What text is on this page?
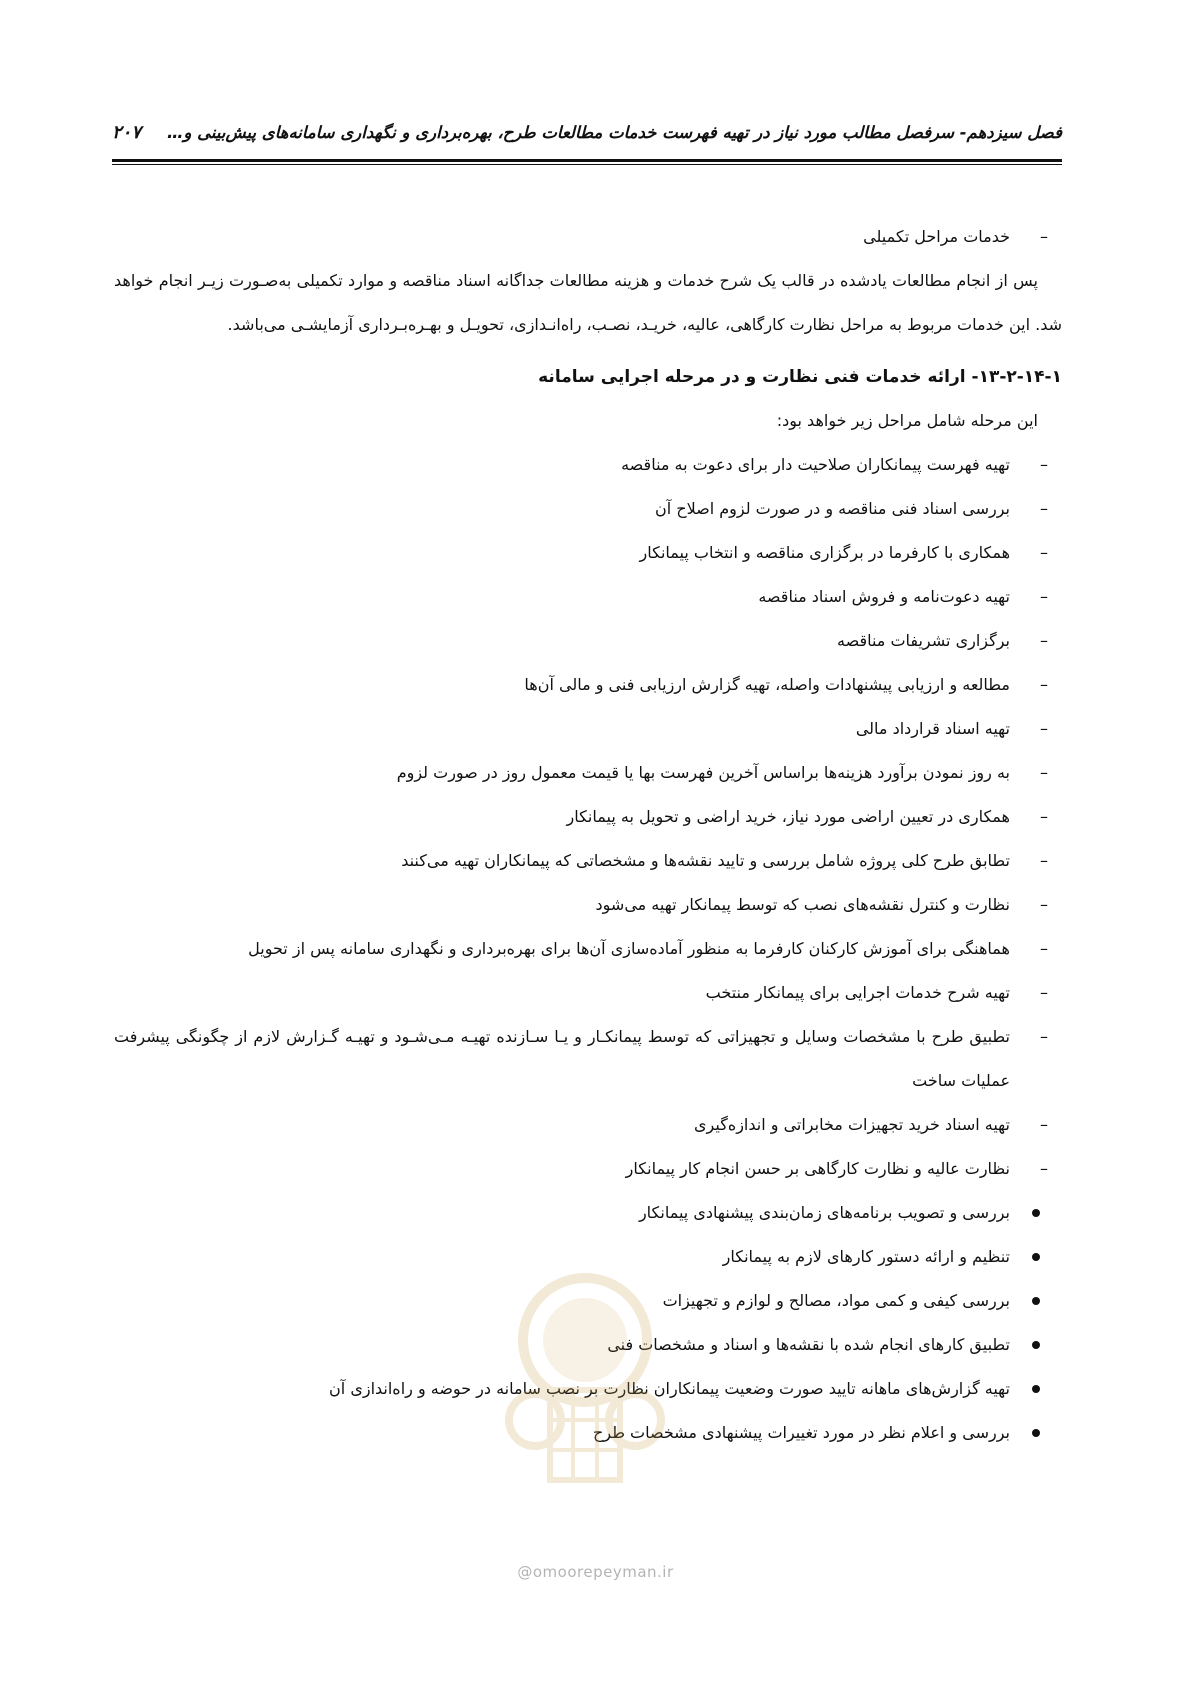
فصل سیزدهم- سرفصل مطالب مورد نیاز در تهیه فهرست خدمات مطالعات طرح، بهره‌برداری و نگهداری سامانه‌های پیش‌بینی و…
۲۰۷
–
خدمات مراحل تکمیلی

پس از انجام مطالعات یادشده در قالب یک شرح خدمات و هزینه مطالعات جداگانه اسناد مناقصه و موارد تکمیلی به‌صـورت زیـر انجام خواهد شد. این خدمات مربوط به مراحل نظارت کارگاهی، عالیه، خریـد، نصـب، راه‌انـدازی، تحویـل و بهـره‌بـرداری آزمایشـی می‌باشد.

۱۳-۲-۱۴-۱- ارائه خدمات فنی نظارت و در مرحله اجرایی سامانه
این مرحله شامل مراحل زیر خواهد بود:
–
تهیه فهرست پیمانکاران صلاحیت دار برای دعوت به مناقصه
–
بررسی اسناد فنی مناقصه و در صورت لزوم اصلاح آن
–
همکاری با کارفرما در برگزاری مناقصه و انتخاب پیمانکار
–
تهیه دعوت‌نامه و فروش اسناد مناقصه
–
برگزاری تشریفات مناقصه
–
مطالعه و ارزیابی پیشنهادات واصله، تهیه گزارش ارزیابی فنی و مالی آن‌ها
–
تهیه اسناد قرارداد مالی
–
به روز نمودن برآورد هزینه‌ها براساس آخرین فهرست بها یا قیمت معمول روز در صورت لزوم
–
همکاری در تعیین اراضی مورد نیاز، خرید اراضی و تحویل به پیمانکار
–
تطابق طرح کلی پروژه شامل بررسی و تایید نقشه‌ها و مشخصاتی که پیمانکاران تهیه می‌کنند
–
نظارت و کنترل نقشه‌های نصب که توسط پیمانکار تهیه می‌شود
–
هماهنگی برای آموزش کارکنان کارفرما به منظور آماده‌سازی آن‌ها برای بهره‌برداری و نگهداری سامانه پس از تحویل
–
تهیه شرح خدمات اجرایی برای پیمانکار منتخب
–
تطبیق طرح با مشخصات وسایل و تجهیزاتی که توسط پیمانکـار و یـا سـازنده تهیـه مـی‌شـود و تهیـه گـزارش لازم از چگونگی پیشرفت عملیات ساخت
–
تهیه اسناد خرید تجهیزات مخابراتی و اندازه‌گیری
–
نظارت عالیه و نظارت کارگاهی بر حسن انجام کار پیمانکار
بررسی و تصویب برنامه‌های زمان‌بندی پیشنهادی پیمانکار
تنظیم و ارائه دستور کارهای لازم به پیمانکار
بررسی کیفی و کمی مواد، مصالح و لوازم و تجهیزات
تطبیق کارهای انجام شده با نقشه‌ها و اسناد و مشخصات فنی
تهیه گزارش‌های ماهانه تایید صورت وضعیت پیمانکاران نظارت بر نصب سامانه در حوضه و راه‌اندازی آن
بررسی و اعلام نظر در مورد تغییرات پیشنهادی مشخصات طرح
@omoorepeyman.ir
